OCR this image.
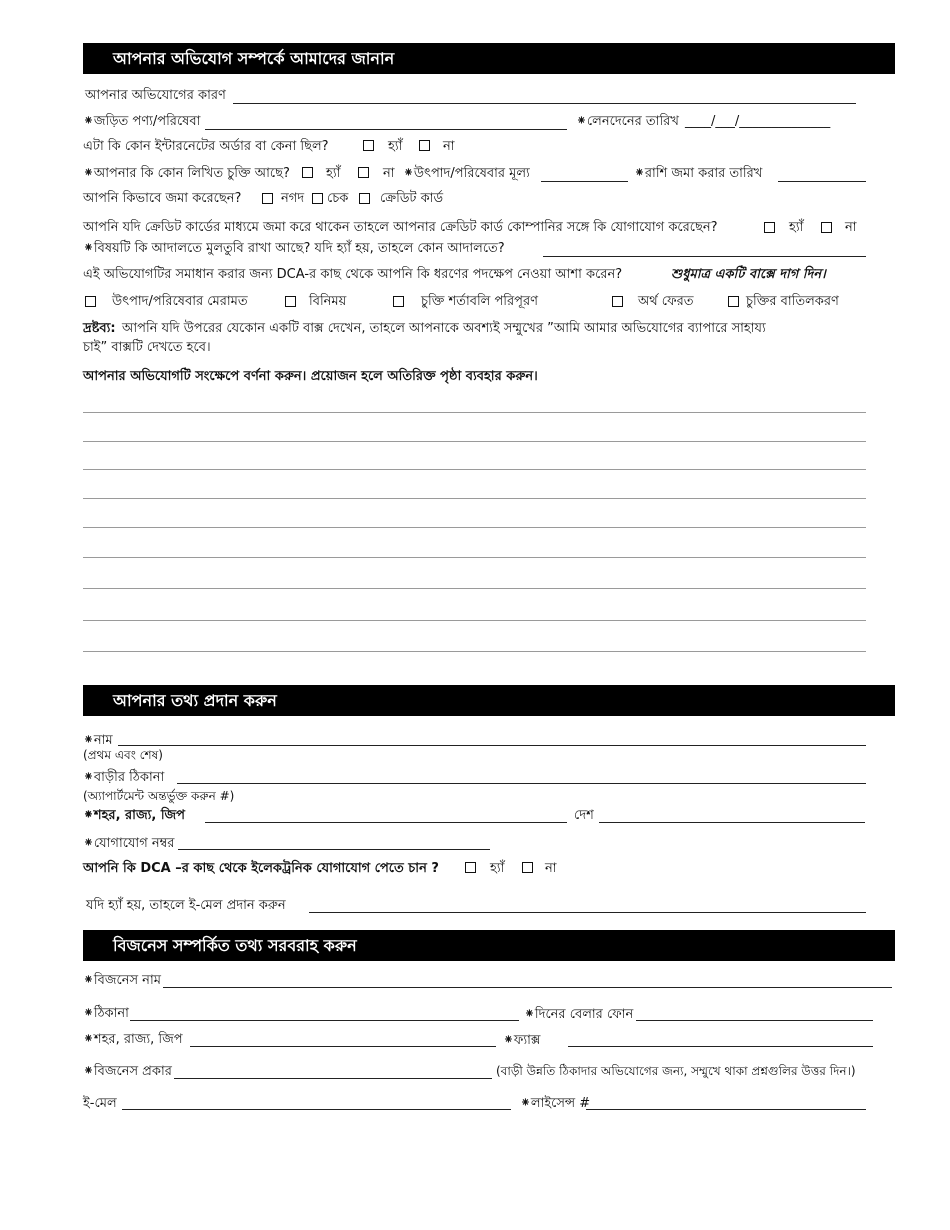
আপনার অভিযোগ সম্পর্কে আমাদের জানান
আপনার অভিযোগের কারণ
⁕জড়িত পণ্য/পরিষেবা	⁕লেনদেনের তারিখ ____/___/______________
এটা কি কোন ইন্টারনেটের অর্ডার বা কেনা ছিল?	হ্যাঁ	না
⁕আপনার কি কোন লিখিত চুক্তি আছে?	হ্যাঁ	না ⁕উৎপাদ/পরিষেবার মূল্য	⁕রাশি জমা করার তারিখ
আপনি কিভাবে জমা করেছেন?	নগদ চেক ক্রেডিট কার্ড
আপনি যদি ক্রেডিট কার্ডের মাধ্যমে জমা করে থাকেন তাহলে আপনার ক্রেডিট কার্ড কোম্পানির সঙ্গে কি যোগাযোগ করেছেন?	হ্যাঁ	না
⁕বিষয়টি কি আদালতে মুলতুবি রাখা আছে? যদি হ্যাঁ হয়, তাহলে কোন আদালতে?
এই অভিযোগটির সমাধান করার জন্য DCA-র কাছ থেকে আপনি কি ধরণের পদক্ষেপ নেওয়া আশা করেন?	শুধুমাত্র একটি বাক্সে দাগ দিন।
উৎপাদ/পরিষেবার মেরামত	বিনিময়	চুক্তি শর্তাবলি পরিপূরণ	অর্থ ফেরত	চুক্তির বাতিলকরণ
দ্রষ্টব্য: আপনি যদি উপরের যেকোন একটি বাক্স দেখেন, তাহলে আপনাকে অবশ্যই সম্মুখের ”আমি আমার অভিযোগের ব্যাপারে সাহায্য
চাই” বাক্সটি দেখতে হবে।
আপনার অভিযোগটি সংক্ষেপে বর্ণনা করুন। প্রয়োজন হলে অতিরিক্ত পৃষ্ঠা ব্যবহার করুন।
আপনার তথ্য প্রদান করুন
⁕নাম
(প্রথম এবং শেষ)
⁕বাড়ীর ঠিকানা
(অ্যাপার্টমেন্ট অন্তর্ভুক্ত করুন #)
⁕শহর, রাজ্য, জিপ	দেশ
⁕যোগাযোগ নম্বর
আপনি কি DCA –র কাছ থেকে ইলেকট্রনিক যোগাযোগ পেতে চান ?	হ্যাঁ	না
যদি হ্যাঁ হয়, তাহলে ই-মেল প্রদান করুন
বিজনেস সম্পর্কিত তথ্য সরবরাহ করুন
⁕বিজনেস নাম
⁕ঠিকানা	⁕দিনের বেলার ফোন
⁕শহর, রাজ্য, জিপ	⁕ফ্যাক্স
⁕বিজনেস প্রকার	(বাড়ী উন্নতি ঠিকাদার অভিযোগের জন্য, সম্মুখে থাকা প্রশ্নগুলির উত্তর দিন।)
ই-মেল	⁕লাইসেন্স #
